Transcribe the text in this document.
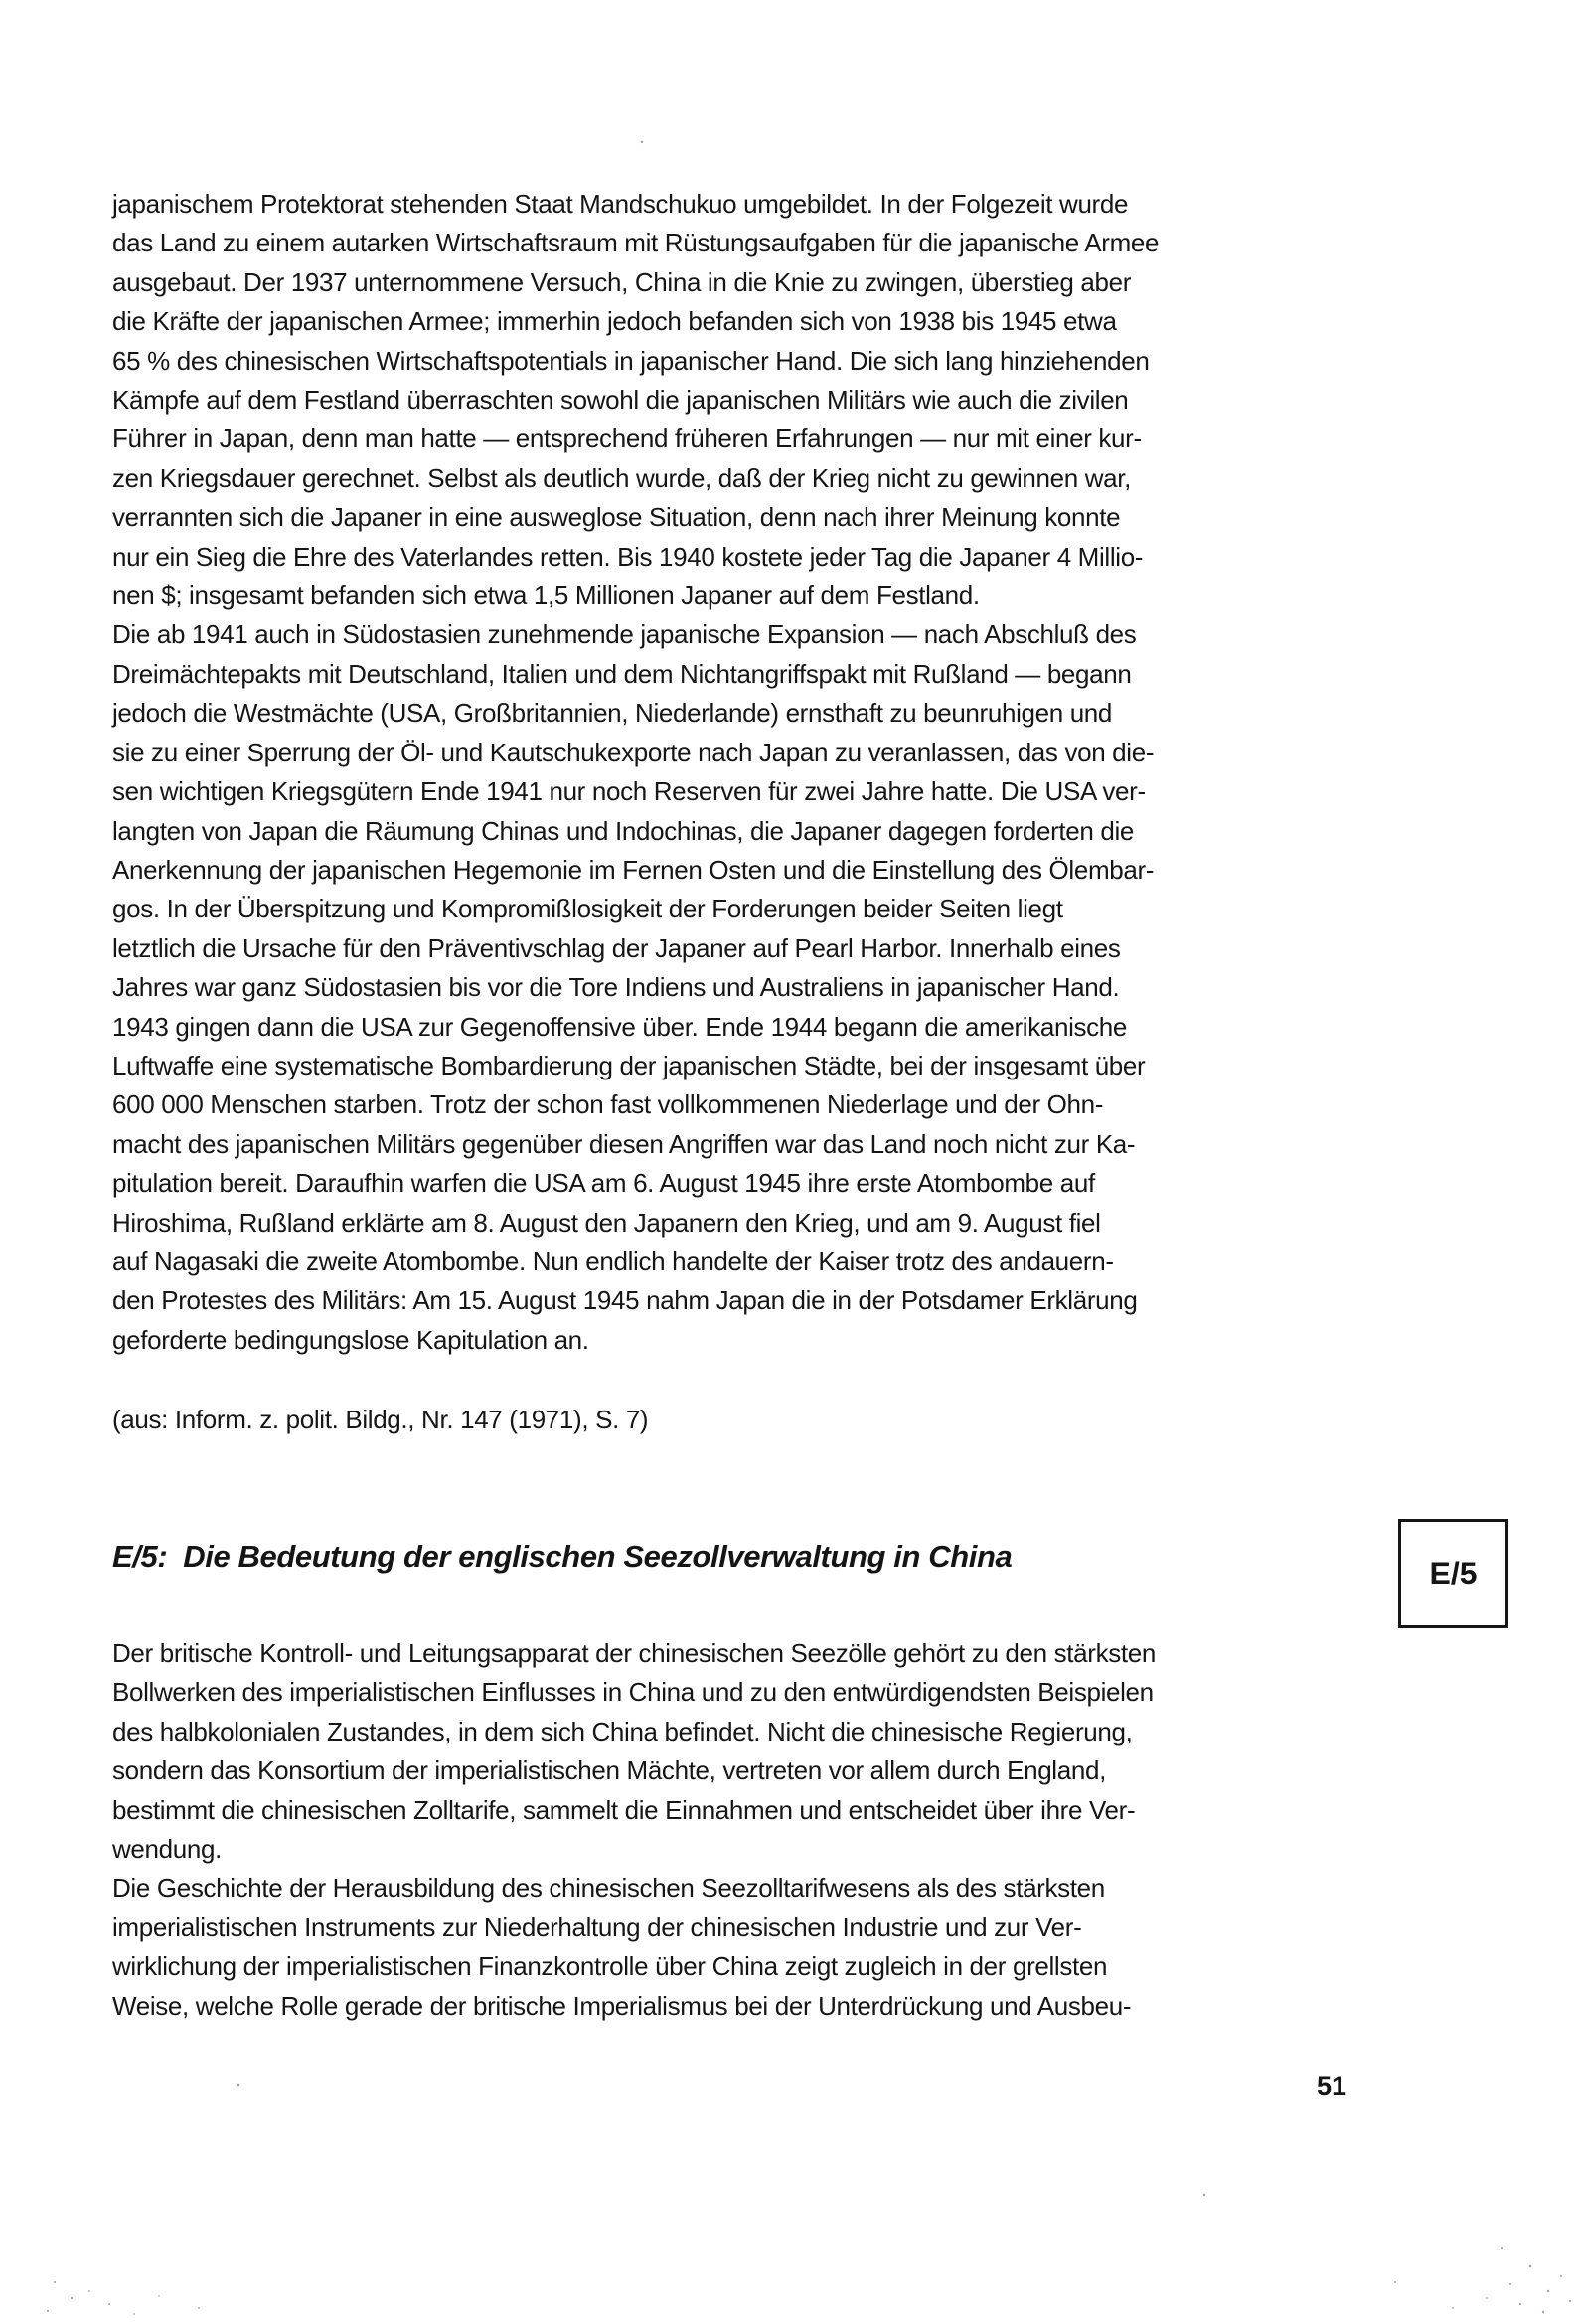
japanischem Protektorat stehenden Staat Mandschukuo umgebildet. In der Folgezeit wurde
das Land zu einem autarken Wirtschaftsraum mit Rüstungsaufgaben für die japanische Armee
ausgebaut. Der 1937 unternommene Versuch, China in die Knie zu zwingen, überstieg aber
die Kräfte der japanischen Armee; immerhin jedoch befanden sich von 1938 bis 1945 etwa
65 % des chinesischen Wirtschaftspotentials in japanischer Hand. Die sich lang hinziehenden
Kämpfe auf dem Festland überraschten sowohl die japanischen Militärs wie auch die zivilen
Führer in Japan, denn man hatte — entsprechend früheren Erfahrungen — nur mit einer kur-
zen Kriegsdauer gerechnet. Selbst als deutlich wurde, daß der Krieg nicht zu gewinnen war,
verrannten sich die Japaner in eine ausweglose Situation, denn nach ihrer Meinung konnte
nur ein Sieg die Ehre des Vaterlandes retten. Bis 1940 kostete jeder Tag die Japaner 4 Millio-
nen $; insgesamt befanden sich etwa 1,5 Millionen Japaner auf dem Festland.
Die ab 1941 auch in Südostasien zunehmende japanische Expansion — nach Abschluß des
Dreimächtepakts mit Deutschland, Italien und dem Nichtangriffspakt mit Rußland — begann
jedoch die Westmächte (USA, Großbritannien, Niederlande) ernsthaft zu beunruhigen und
sie zu einer Sperrung der Öl- und Kautschukexporte nach Japan zu veranlassen, das von die-
sen wichtigen Kriegsgütern Ende 1941 nur noch Reserven für zwei Jahre hatte. Die USA ver-
langten von Japan die Räumung Chinas und Indochinas, die Japaner dagegen forderten die
Anerkennung der japanischen Hegemonie im Fernen Osten und die Einstellung des Ölembar-
gos. In der Überspitzung und Kompromißlosigkeit der Forderungen beider Seiten liegt
letztlich die Ursache für den Präventivschlag der Japaner auf Pearl Harbor. Innerhalb eines
Jahres war ganz Südostasien bis vor die Tore Indiens und Australiens in japanischer Hand.
1943 gingen dann die USA zur Gegenoffensive über. Ende 1944 begann die amerikanische
Luftwaffe eine systematische Bombardierung der japanischen Städte, bei der insgesamt über
600 000 Menschen starben. Trotz der schon fast vollkommenen Niederlage und der Ohn-
macht des japanischen Militärs gegenüber diesen Angriffen war das Land noch nicht zur Ka-
pitulation bereit. Daraufhin warfen die USA am 6. August 1945 ihre erste Atombombe auf
Hiroshima, Rußland erklärte am 8. August den Japanern den Krieg, und am 9. August fiel
auf Nagasaki die zweite Atombombe. Nun endlich handelte der Kaiser trotz des andauern-
den Protestes des Militärs: Am 15. August 1945 nahm Japan die in der Potsdamer Erklärung
geforderte bedingungslose Kapitulation an.
(aus: Inform. z. polit. Bildg., Nr. 147 (1971), S. 7)
E/5: Die Bedeutung der englischen Seezollverwaltung in China	E/5
Der britische Kontroll- und Leitungsapparat der chinesischen Seezölle gehört zu den stärksten
Bollwerken des imperialistischen Einflusses in China und zu den entwürdigendsten Beispielen
des halbkolonialen Zustandes, in dem sich China befindet. Nicht die chinesische Regierung,
sondern das Konsortium der imperialistischen Mächte, vertreten vor allem durch England,
bestimmt die chinesischen Zolltarife, sammelt die Einnahmen und entscheidet über ihre Ver-
wendung.
Die Geschichte der Herausbildung des chinesischen Seezolltarifwesens als des stärksten
imperialistischen Instruments zur Niederhaltung der chinesischen Industrie und zur Ver-
wirklichung der imperialistischen Finanzkontrolle über China zeigt zugleich in der grellsten
Weise, welche Rolle gerade der britische Imperialismus bei der Unterdrückung und Ausbeu-
51
